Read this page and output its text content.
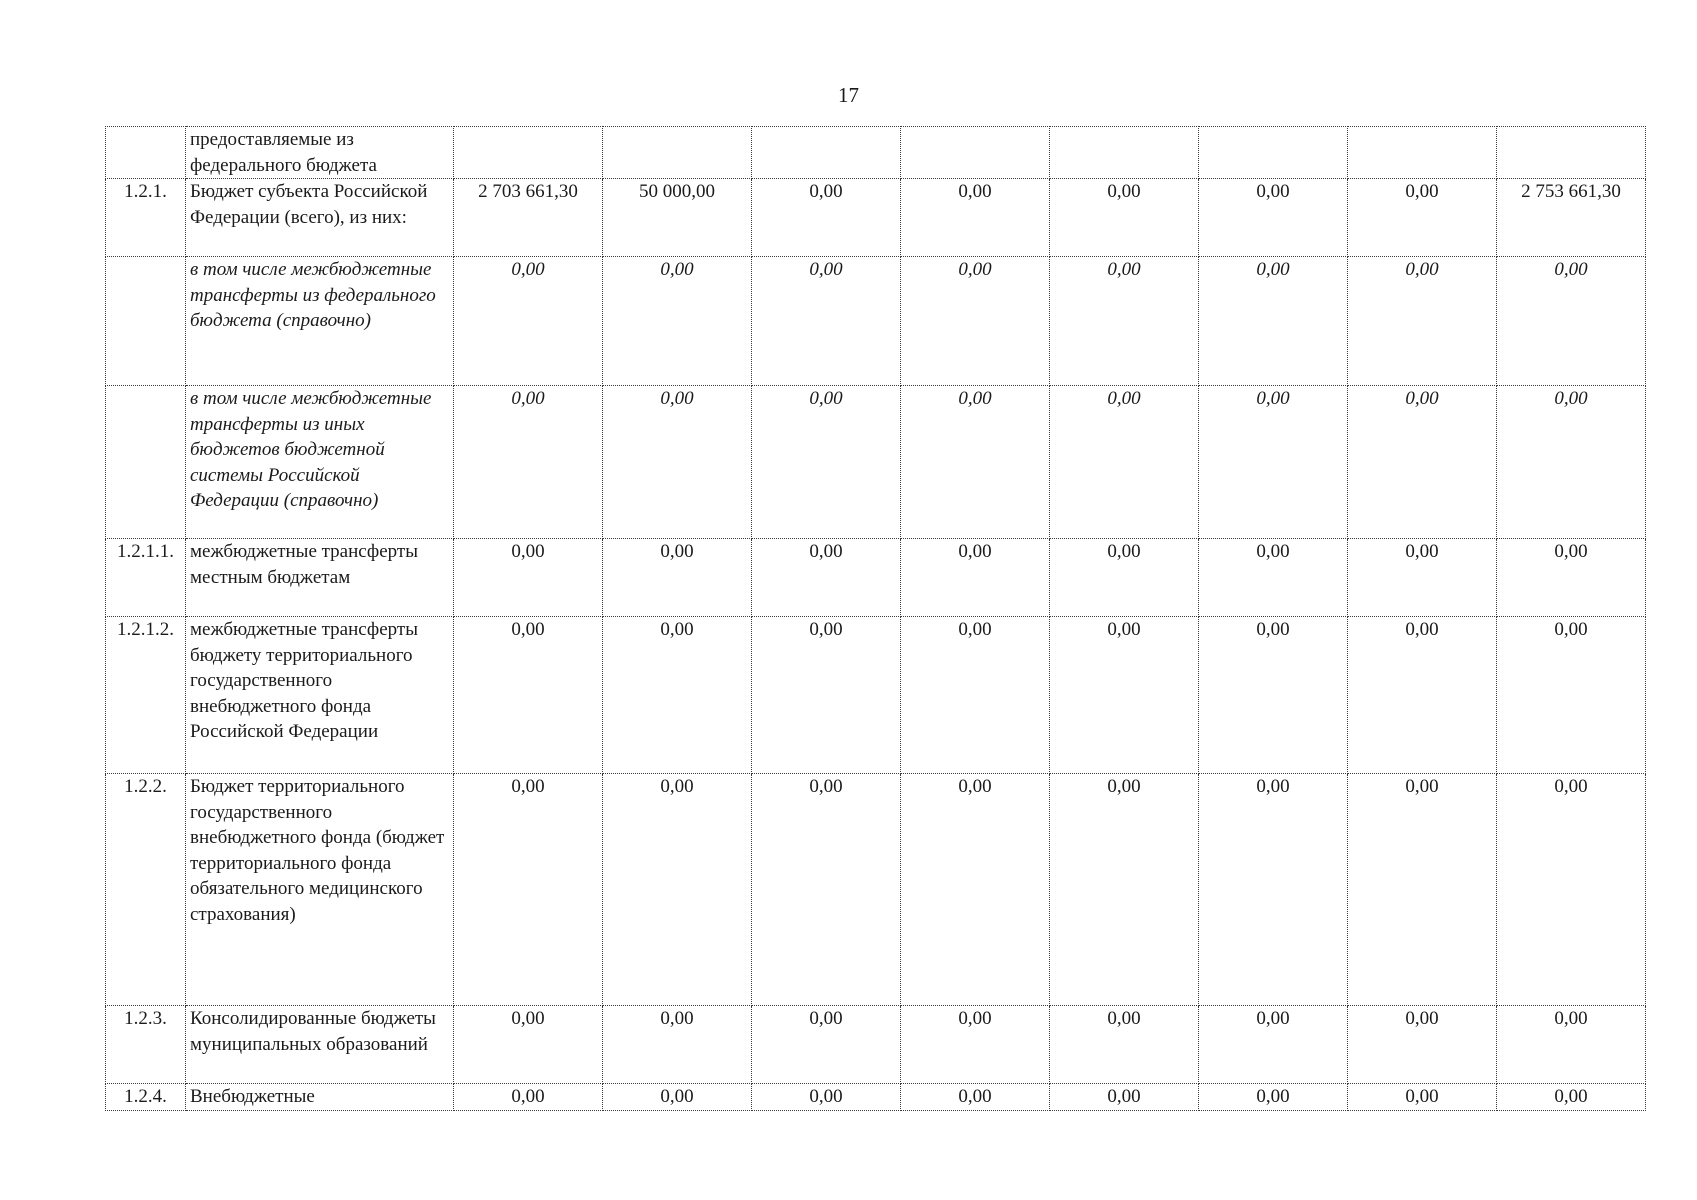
17
	предоставляемые из федерального бюджета								
1.2.1.	Бюджет субъекта Российской Федерации (всего), из них:	2 703 661,30	50 000,00	0,00	0,00	0,00	0,00	0,00	2 753 661,30
	в том числе межбюджетные трансферты из федерального бюджета (справочно)	0,00	0,00	0,00	0,00	0,00	0,00	0,00	0,00
	в том числе межбюджетные трансферты из иных бюджетов бюджетной системы Российской Федерации (справочно)	0,00	0,00	0,00	0,00	0,00	0,00	0,00	0,00
1.2.1.1.	межбюджетные трансферты местным бюджетам	0,00	0,00	0,00	0,00	0,00	0,00	0,00	0,00
1.2.1.2.	межбюджетные трансферты бюджету территориального государственного внебюджетного фонда Российской Федерации	0,00	0,00	0,00	0,00	0,00	0,00	0,00	0,00
1.2.2.	Бюджет территориального государственного внебюджетного фонда (бюджет территориального фонда обязательного медицинского страхования)	0,00	0,00	0,00	0,00	0,00	0,00	0,00	0,00
1.2.3.	Консолидированные бюджеты муниципальных образований	0,00	0,00	0,00	0,00	0,00	0,00	0,00	0,00
1.2.4.	Внебюджетные	0,00	0,00	0,00	0,00	0,00	0,00	0,00	0,00
